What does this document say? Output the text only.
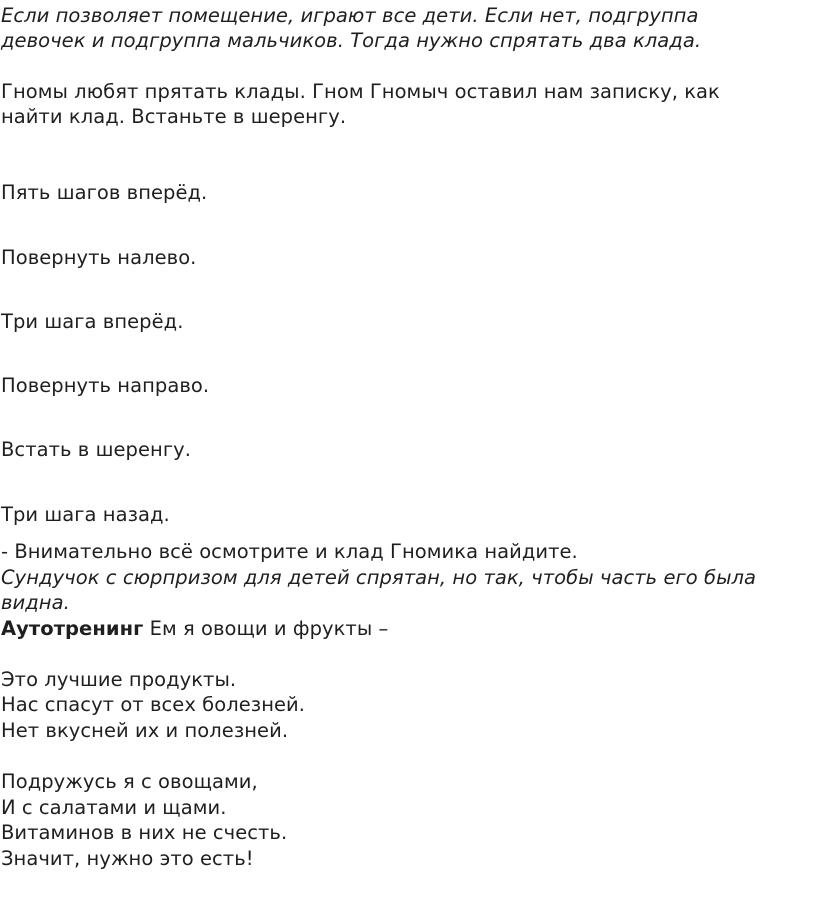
Если позволяет помещение, играют все дети. Если нет, подгруппа
девочек и подгруппа мальчиков. Тогда нужно спрятать два клада.
Гномы любят прятать клады. Гном Гномыч оставил нам записку, как
найти клад. Встаньте в шеренгу.
Пять шагов вперёд.
Повернуть налево.
Три шага вперёд.
Повернуть направо.
Встать в шеренгу.
Три шага назад.
- Внимательно всё осмотрите и клад Гномика найдите.
Сундучок с сюрпризом для детей спрятан, но так, чтобы часть его была
видна.
Аутотренинг Ем я овощи и фрукты –
Это лучшие продукты.
Нас спасут от всех болезней.
Нет вкусней их и полезней.
Подружусь я с овощами,
И с салатами и щами.
Витаминов в них не счесть.
Значит, нужно это есть!
